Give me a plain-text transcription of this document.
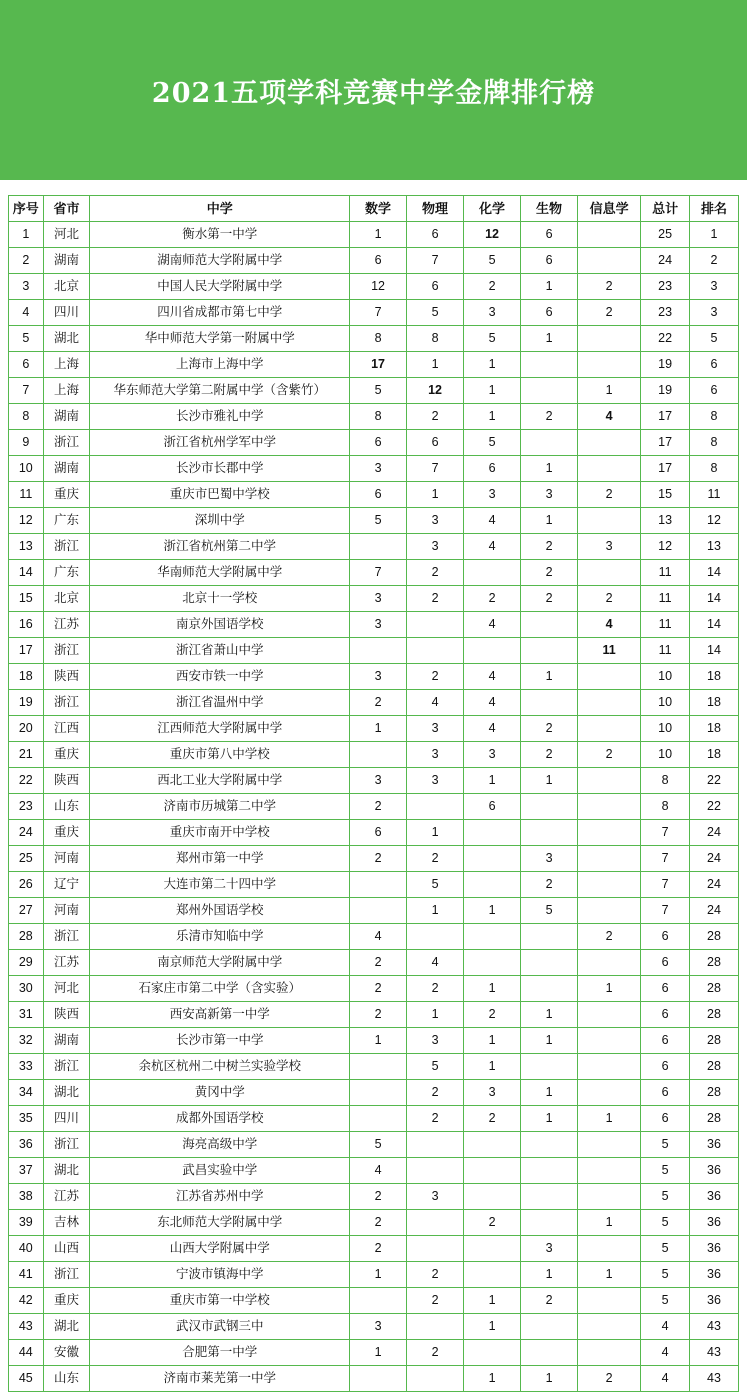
2021五项学科竞赛中学金牌排行榜
序号	省市	中学	数学	物理	化学	生物	信息学	总计	排名
1	河北	衡水第一中学	1	6	12	6		25	1
2	湖南	湖南师范大学附属中学	6	7	5	6		24	2
3	北京	中国人民大学附属中学	12	6	2	1	2	23	3
4	四川	四川省成都市第七中学	7	5	3	6	2	23	3
5	湖北	华中师范大学第一附属中学	8	8	5	1		22	5
6	上海	上海市上海中学	17	1	1			19	6
7	上海	华东师范大学第二附属中学（含紫竹）	5	12	1		1	19	6
8	湖南	长沙市雅礼中学	8	2	1	2	4	17	8
9	浙江	浙江省杭州学军中学	6	6	5			17	8
10	湖南	长沙市长郡中学	3	7	6	1		17	8
11	重庆	重庆市巴蜀中学校	6	1	3	3	2	15	11
12	广东	深圳中学	5	3	4	1		13	12
13	浙江	浙江省杭州第二中学		3	4	2	3	12	13
14	广东	华南师范大学附属中学	7	2		2		11	14
15	北京	北京十一学校	3	2	2	2	2	11	14
16	江苏	南京外国语学校	3		4		4	11	14
17	浙江	浙江省萧山中学					11	11	14
18	陕西	西安市铁一中学	3	2	4	1		10	18
19	浙江	浙江省温州中学	2	4	4			10	18
20	江西	江西师范大学附属中学	1	3	4	2		10	18
21	重庆	重庆市第八中学校		3	3	2	2	10	18
22	陕西	西北工业大学附属中学	3	3	1	1		8	22
23	山东	济南市历城第二中学	2		6			8	22
24	重庆	重庆市南开中学校	6	1				7	24
25	河南	郑州市第一中学	2	2		3		7	24
26	辽宁	大连市第二十四中学		5		2		7	24
27	河南	郑州外国语学校		1	1	5		7	24
28	浙江	乐清市知临中学	4				2	6	28
29	江苏	南京师范大学附属中学	2	4				6	28
30	河北	石家庄市第二中学（含实验）	2	2	1		1	6	28
31	陕西	西安高新第一中学	2	1	2	1		6	28
32	湖南	长沙市第一中学	1	3	1	1		6	28
33	浙江	余杭区杭州二中树兰实验学校		5	1			6	28
34	湖北	黄冈中学		2	3	1		6	28
35	四川	成都外国语学校		2	2	1	1	6	28
36	浙江	海亮高级中学	5					5	36
37	湖北	武昌实验中学	4					5	36
38	江苏	江苏省苏州中学	2	3				5	36
39	吉林	东北师范大学附属中学	2		2		1	5	36
40	山西	山西大学附属中学	2			3		5	36
41	浙江	宁波市镇海中学	1	2		1	1	5	36
42	重庆	重庆市第一中学校		2	1	2		5	36
43	湖北	武汉市武钢三中	3		1			4	43
44	安徽	合肥第一中学	1	2				4	43
45	山东	济南市莱芜第一中学			1	1	2	4	43
